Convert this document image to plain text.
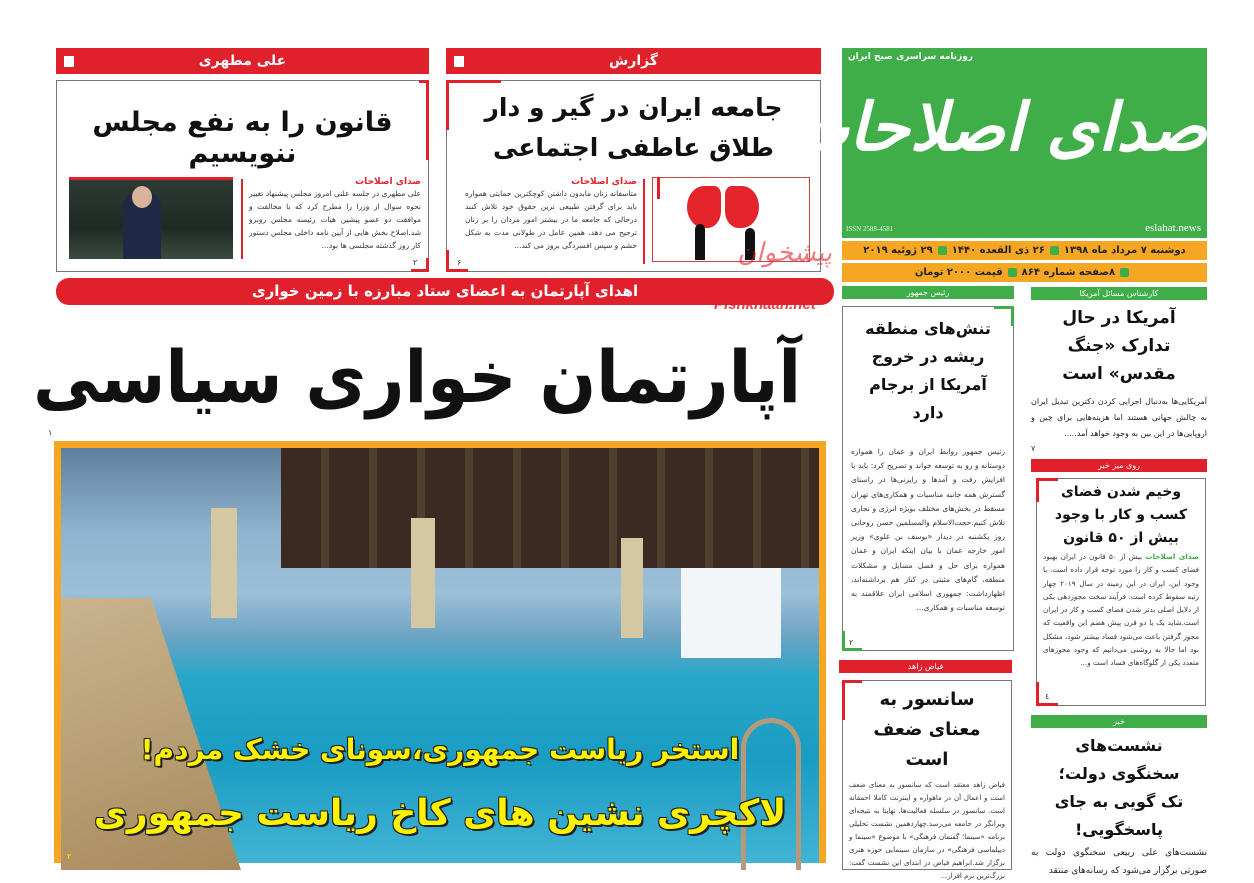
علی مطهری
قانون را به نفع مجلس ننویسیم
صدای اصلاحات
علی مطهری در جلسه علنی امروز مجلس پیشنهاد تغییر نحوه سوال از وزرا را مطرح کرد که با مخالفت و موافقت دو عضو پیشین هیات رئیسه مجلس روبرو شد.اصلاح بخش هایی از آیین نامه داخلی مجلس دستور کار روز گذشته مجلسی ها بود...
۲
گزارش
جامعه ایران در گیر و دار
طلاق عاطفی اجتماعی
صدای اصلاحات
متاسفانه زنان مابدون داشتن کوچکترین حمایتی همواره باید برای گرفتن طبیعی ترین حقوق خود تلاش کنند درحالی که جامعه ما در بیشتر امور مردان را بر زنان ترجیح می دهد. همین عامل در طولانی مدت به شکل خشم و سپس افسردگی بروز می کند...
۶
روزنامه سراسری صبح ایران
صدای اصلاحات
ISSN 2588-4581	eslahat.news
دوشنبه ۷ مرداد ماه ۱۳۹۸۲۶ ذی القعده ۱۴۴۰۲۹ ژوئیه ۲۰۱۹
۸صفحه شماره ۸۶۴قیمت ۲۰۰۰ تومان
اهدای آپارتمان به اعضای ستاد مبارزه با زمین خواری
پیشخوان
Pishkhaan.net
آپارتمان خواری سیاسی
۱
استخر ریاست جمهوری،سونای خشک مردم!
لاکچری نشین های کاخ ریاست جمهوری
۲
رئیس جمهور
تنش‌های منطقه ریشه در خروج آمریکا از برجام دارد
رئیس جمهور روابط ایران و عمان را همواره دوستانه و رو به توسعه خواند و تصریح کرد: باید با افزایش رفت و آمدها و رایزنی‌ها در راستای گسترش همه جانبه مناسبات و همکاری‌های تهران مسقط در بخش‌های مختلف بویژه انرژی و تجاری تلاش کنیم.حجت‌الاسلام والمسلمین حسن روحانی روز یکشنبه در دیدار «یوسف بن علوی» وزیر امور خارجه عمان با بیان اینکه ایران و عمان همواره برای حل و فصل مسایل و مشکلات منطقه، گام‌های مثبتی در کنار هم برداشته‌اند، اظهارداشت: جمهوری اسلامی ایران علاقمند به توسعه مناسبات و همکاری...
۲
فیاض زاهد
سانسور به معنای ضعف است
فیاض زاهد معتقد است که سانسور به معنای ضعف است و اعمال آن در ماهواره و اینترنت کاملا احمقانه است. سانسور در سلسله فعالیت‌ها، نهایتا به نتیجه‌ای ویرانگر در جامعه می‌رسد.چهاردهمین نشست تحلیلی برنامه «سینما؛ گفتمان فرهنگی» با موضوع «سینما و دیپلماسی فرهنگی» در سازمان سینمایی حوزه هنری برگزار شد.ابراهیم فیاض در ابتدای این نشست گفت: بزرگ‌ترین نرم افزار...
کارشناس مسائل آمریکا
آمریکا در حال تدارک «جنگ مقدس» است
آمریکایی‌ها به‌دنبال اجرایی کردن دکترین تبدیل ایران به چالش جهانی هستند اما هزینه‌هایی برای چین و اروپایی‌ها در این بین به وجود خواهد آمد.....
۷
روی میز خبر
وخیم شدن فضای کسب و کار با وجود بیش از ۵۰ قانون
صدای اصلاحات بیش از ۵۰ قانون در ایران بهبود فضای کسب و کار را مورد توجه قرار داده است. با وجود این، ایران در این زمینه در سال ۲۰۱۹ چهار رتبه سقوط کرده است. فرآیند سخت مجوزدهی یکی از دلایل اصلی بدتر شدن فضای کسب و کار در ایران است.شاید یک یا دو قرن پیش هضم این واقعیت که مجوز گرفتن باعث می‌شود فساد بیشتر شود، مشکل بود اما حالا به روشنی می‌دانیم که وجود مجوزهای متعدد یکی از گلوگاه‌های فساد است و...
٤
خبر
نشست‌های سخنگوی دولت؛ تک گویی به جای پاسخگویی!
نشست‌های علی ربیعی سخنگوی دولت به صورتی برگزار می‌شود که رسانه‌های منتقد
